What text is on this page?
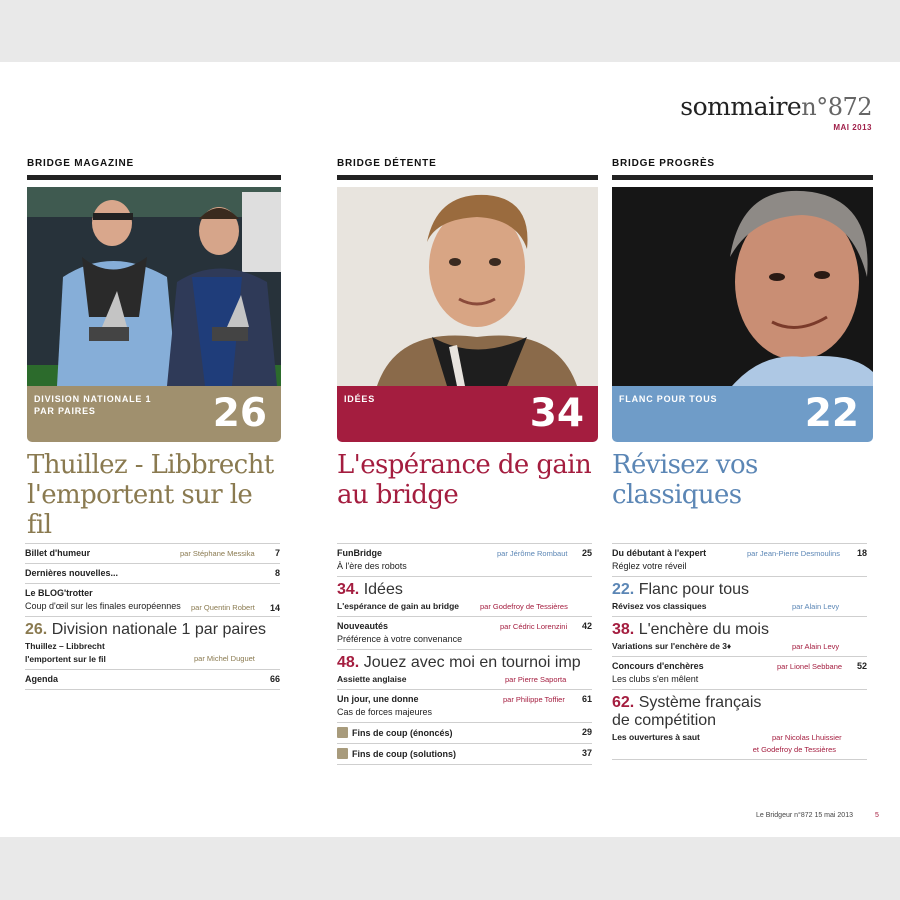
sommairen°872
MAI 2013
BRIDGE MAGAZINE
DIVISION NATIONALE 1
PAR PAIRES	26
Thuillez - Libbrecht
l'emportent sur le fil
BRIDGE DÉTENTE
IDÉES	34
L'espérance de gain
au bridge
BRIDGE PROGRÈS
FLANC POUR TOUS 22
Révisez vos
classiques
Billet d'humeur	par Stéphane Messika 7
Dernières nouvelles...	8
Le BLOG'trotter
Coup d'œil sur les finales européennes	par Quentin Robert 14
26. Division nationale 1 par paires
Thuillez – Libbrecht
l'emportent sur le fil	par Michel Duguet
Agenda	66
FunBridge
À l'ère des robots
par Jérôme Rombaut 25
34. Idées
L'espérance de gain au bridge	par Godefroy de Tessières
Nouveautés
Préférence à votre convenance
par Cédric Lorenzini 42
48. Jouez avec moi en tournoi imp
Assiette anglaise	par Pierre Saporta
Un jour, une donne
Cas de forces majeures
par Philippe Toffier 61
Fins de coup (énoncés)	29
Fins de coup (solutions)	37
Du débutant à l'expert
Réglez votre réveil
par Jean-Pierre Desmoulins 18
22. Flanc pour tous
Révisez vos classiques	par Alain Levy
38. L'enchère du mois
Variations sur l'enchère de 3♦	par Alain Levy
Concours d'enchères
Les clubs s'en mêlent
par Lionel Sebbane 52
62. Système français
de compétition
Les ouvertures à saut	par Nicolas Lhuissier
et Godefroy de Tessières
Le Bridgeur n°872 15 mai 2013	5
